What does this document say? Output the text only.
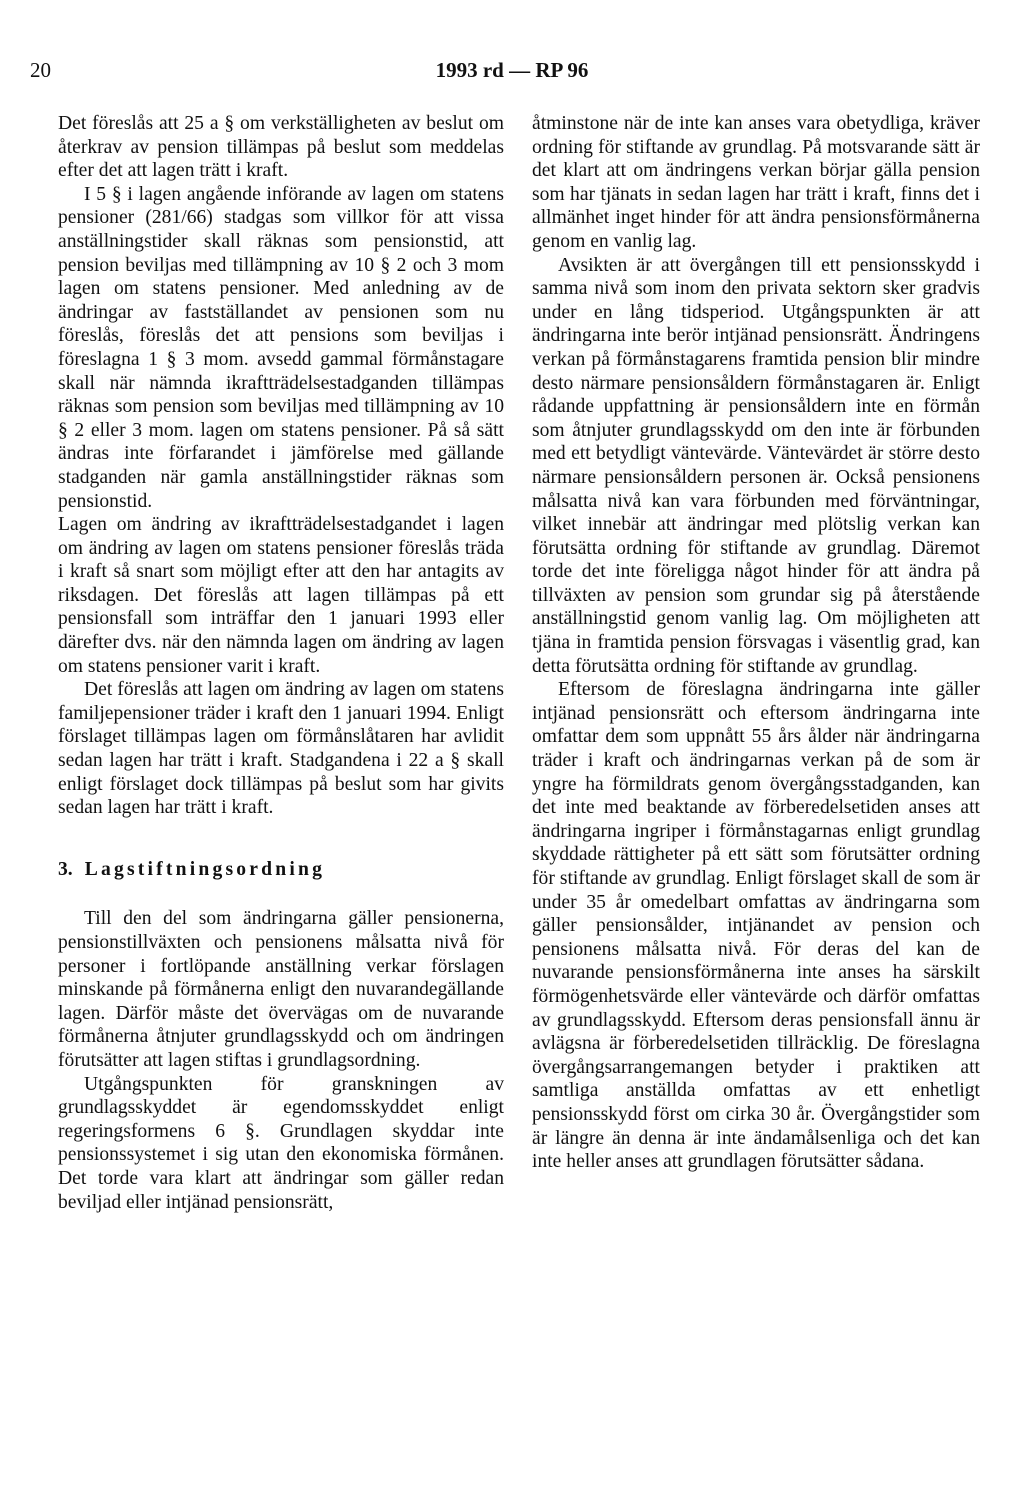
20	1993 rd — RP 96

Det föreslås att 25 a § om verkställigheten av beslut om återkrav av pension tillämpas på beslut som meddelas efter det att lagen trätt i kraft.

I 5 § i lagen angående införande av lagen om statens pensioner (281/66) stadgas som villkor för att vissa anställningstider skall räknas som pensionstid, att pension beviljas med tillämpning av 10 § 2 och 3 mom lagen om statens pensioner. Med anledning av de ändringar av fastställandet av pensionen som nu föreslås, föreslås det att pensions som beviljas i föreslagna 1 § 3 mom. avsedd gammal förmånstagare skall när nämnda ikraftträdelsestadganden tillämpas räknas som pension som beviljas med tillämpning av 10 § 2 eller 3 mom. lagen om statens pensioner. På så sätt ändras inte förfarandet i jämförelse med gällande stadganden när gamla anställningstider räknas som pensionstid.

Lagen om ändring av ikraftträdelsestadgandet i lagen om ändring av lagen om statens pensioner föreslås träda i kraft så snart som möjligt efter att den har antagits av riksdagen. Det föreslås att lagen tillämpas på ett pensionsfall som inträffar den 1 januari 1993 eller därefter dvs. när den nämnda lagen om ändring av lagen om statens pensioner varit i kraft.

Det föreslås att lagen om ändring av lagen om statens familjepensioner träder i kraft den 1 januari 1994. Enligt förslaget tillämpas lagen om förmånslåtaren har avlidit sedan lagen har trätt i kraft. Stadgandena i 22 a § skall enligt förslaget dock tillämpas på beslut som har givits sedan lagen har trätt i kraft.

3. Lagstiftningsordning

Till den del som ändringarna gäller pensionerna, pensionstillväxten och pensionens målsatta nivå för personer i fortlöpande anställning verkar förslagen minskande på förmånerna enligt den nuvarandegällande lagen. Därför måste det övervägas om de nuvarande förmånerna åtnjuter grundlagsskydd och om ändringen förutsätter att lagen stiftas i grundlagsordning.

Utgångspunkten för granskningen av grundlagsskyddet är egendomsskyddet enligt regeringsformens 6 §. Grundlagen skyddar inte pensionssystemet i sig utan den ekonomiska förmånen. Det torde vara klart att ändringar som gäller redan beviljad eller intjänad pensionsrätt,

åtminstone när de inte kan anses vara obetydliga, kräver ordning för stiftande av grundlag. På motsvarande sätt är det klart att om ändringens verkan börjar gälla pension som har tjänats in sedan lagen har trätt i kraft, finns det i allmänhet inget hinder för att ändra pensionsförmånerna genom en vanlig lag.

Avsikten är att övergången till ett pensionsskydd i samma nivå som inom den privata sektorn sker gradvis under en lång tidsperiod. Utgångspunkten är att ändringarna inte berör intjänad pensionsrätt. Ändringens verkan på förmånstagarens framtida pension blir mindre desto närmare pensionsåldern förmånstagaren är. Enligt rådande uppfattning är pensionsåldern inte en förmån som åtnjuter grundlagsskydd om den inte är förbunden med ett betydligt väntevärde. Väntevärdet är större desto närmare pensionsåldern personen är. Också pensionens målsatta nivå kan vara förbunden med förväntningar, vilket innebär att ändringar med plötslig verkan kan förutsätta ordning för stiftande av grundlag. Däremot torde det inte föreligga något hinder för att ändra på tillväxten av pension som grundar sig på återstående anställningstid genom vanlig lag. Om möjligheten att tjäna in framtida pension försvagas i väsentlig grad, kan detta förutsätta ordning för stiftande av grundlag.

Eftersom de föreslagna ändringarna inte gäller intjänad pensionsrätt och eftersom ändringarna inte omfattar dem som uppnått 55 års ålder när ändringarna träder i kraft och ändringarnas verkan på de som är yngre ha förmildrats genom övergångsstadganden, kan det inte med beaktande av förberedelsetiden anses att ändringarna ingriper i förmånstagarnas enligt grundlag skyddade rättigheter på ett sätt som förutsätter ordning för stiftande av grundlag. Enligt förslaget skall de som är under 35 år omedelbart omfattas av ändringarna som gäller pensionsålder, intjänandet av pension och pensionens målsatta nivå. För deras del kan de nuvarande pensionsförmånerna inte anses ha särskilt förmögenhetsvärde eller väntevärde och därför omfattas av grundlagsskydd. Eftersom deras pensionsfall ännu är avlägsna är förberedelsetiden tillräcklig. De föreslagna övergångsarrangemangen betyder i praktiken att samtliga anställda omfattas av ett enhetligt pensionsskydd först om cirka 30 år. Övergångstider som är längre än denna är inte ändamålsenliga och det kan inte heller anses att grundlagen förutsätter sådana.
